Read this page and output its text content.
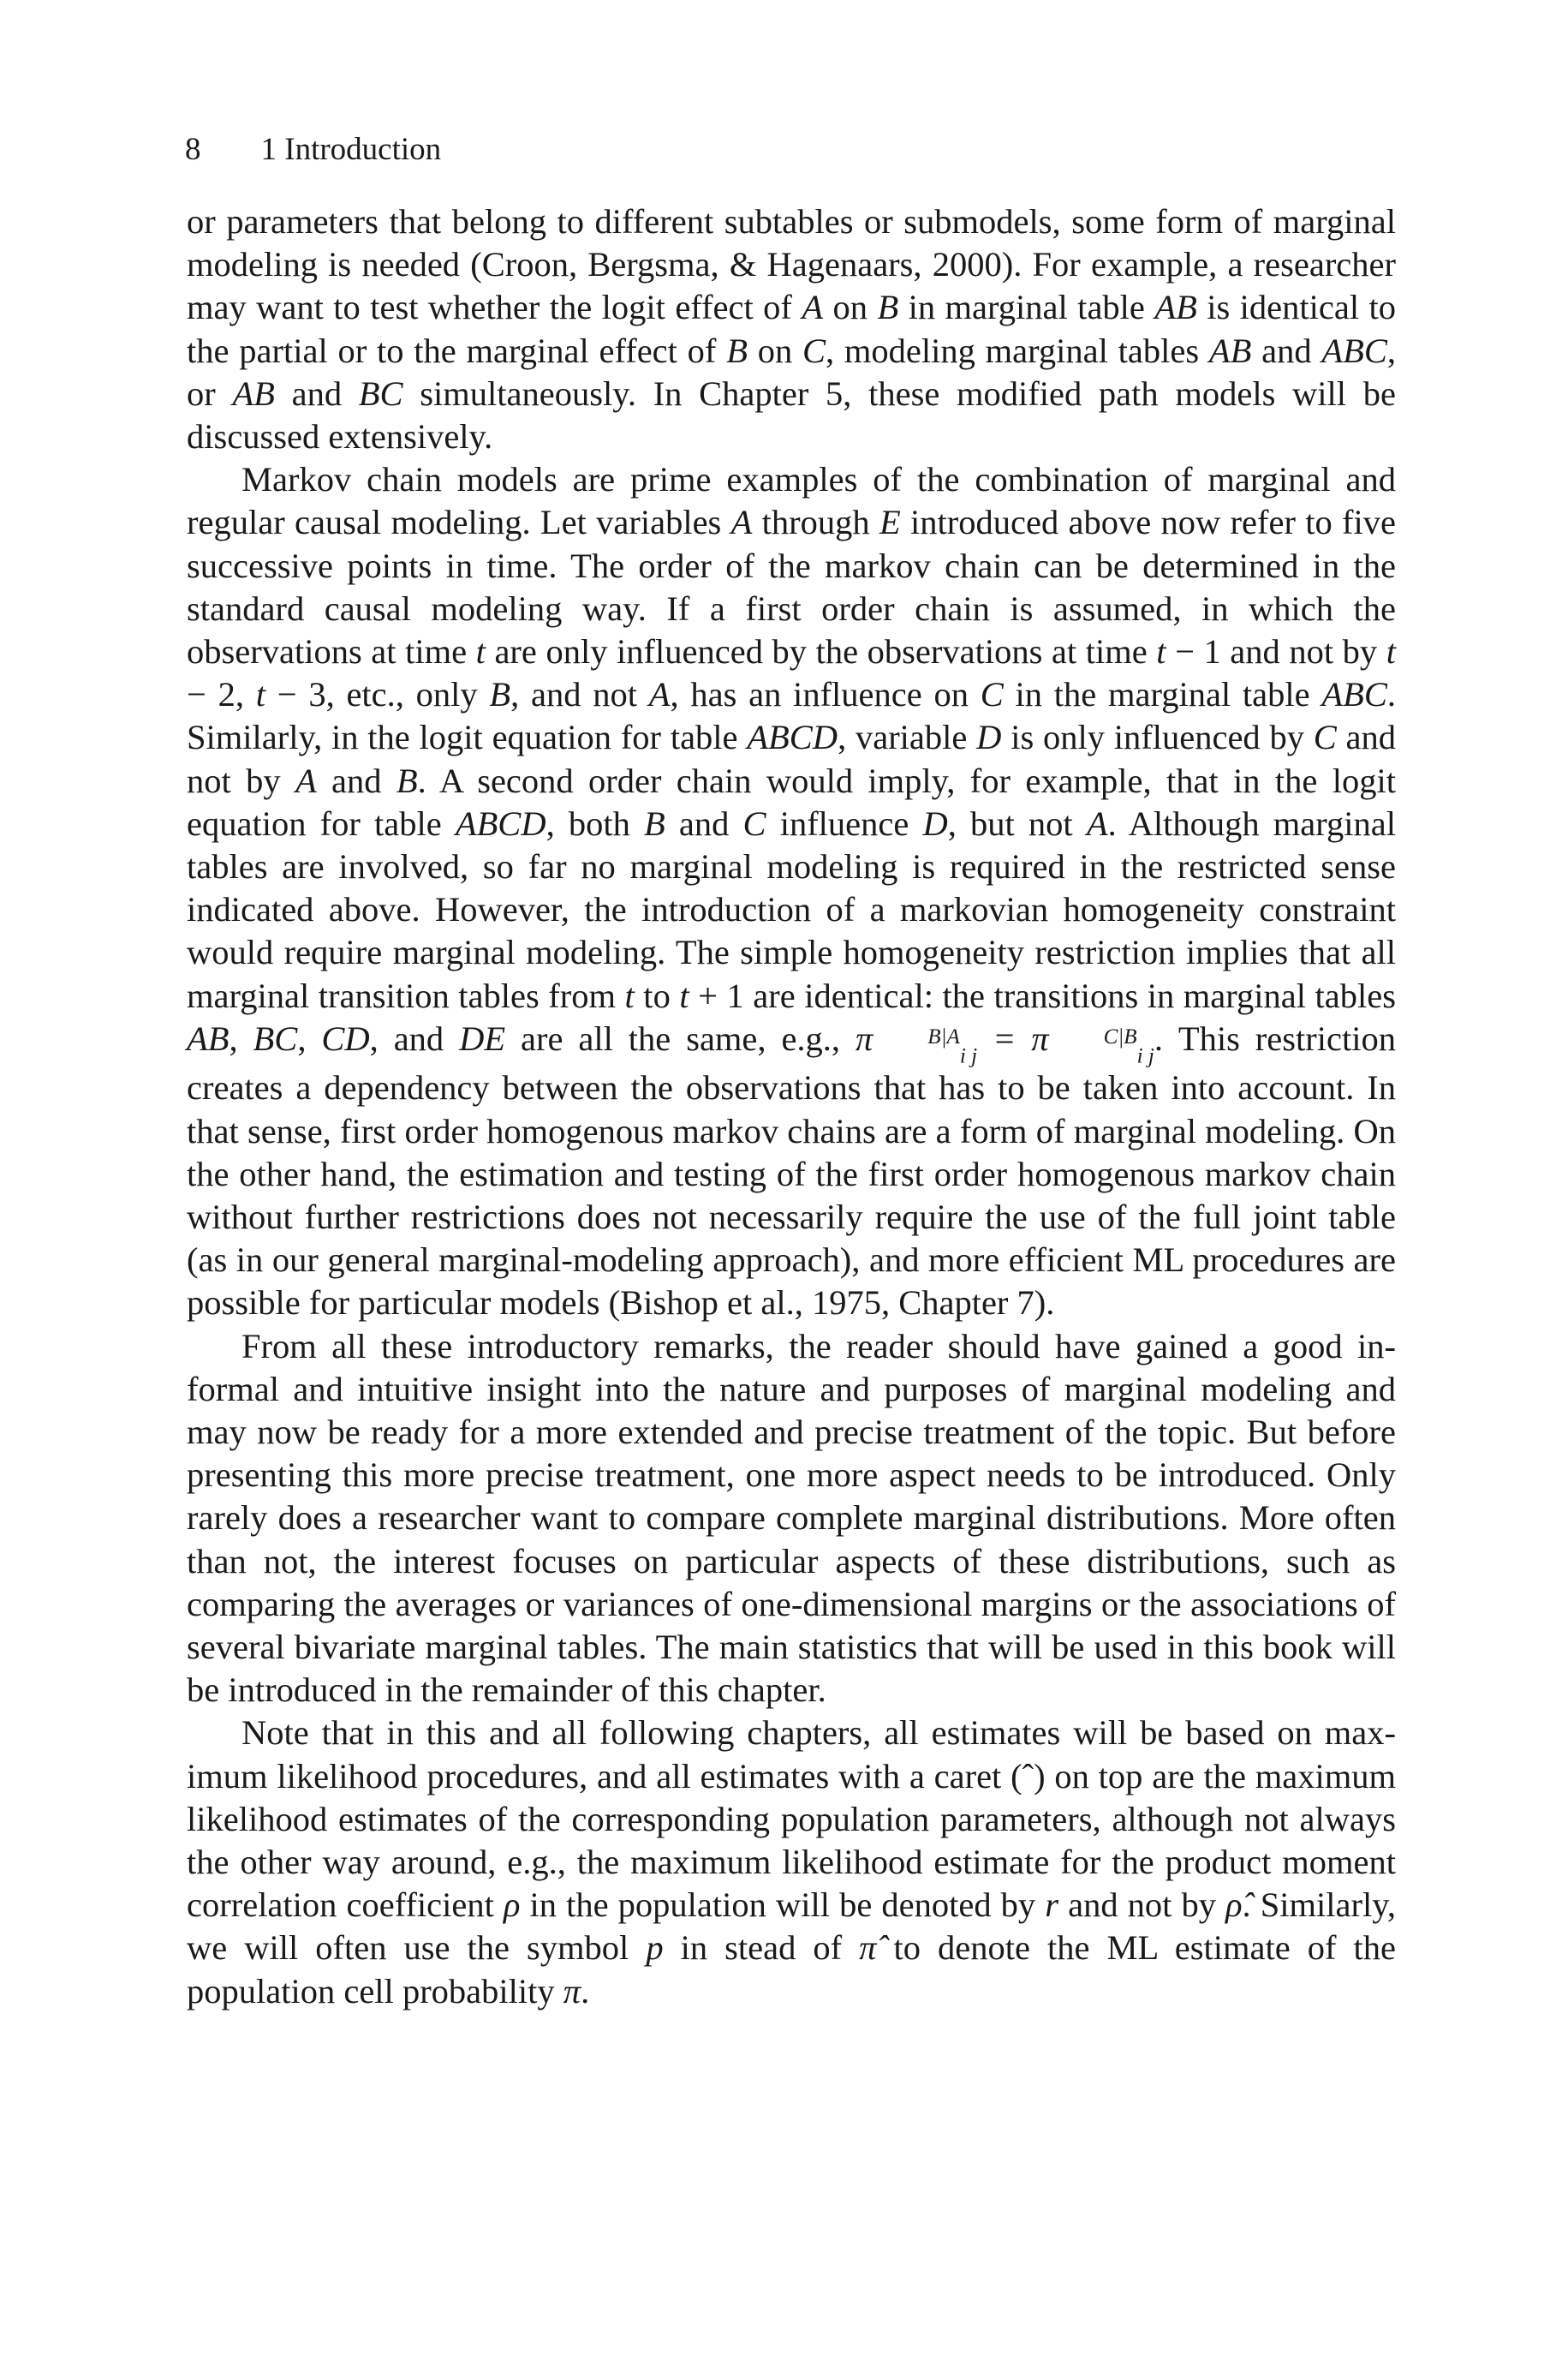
8 1 Introduction

or parameters that belong to different subtables or submodels, some form of marginal modeling is needed (Croon, Bergsma, & Hagenaars, 2000). For example, a researcher may want to test whether the logit effect of A on B in marginal table AB is identical to the partial or to the marginal effect of B on C, modeling marginal tables AB and ABC, or AB and BC simultaneously. In Chapter 5, these modified path models will be discussed extensively.

Markov chain models are prime examples of the combination of marginal and regular causal modeling. Let variables A through E introduced above now refer to five successive points in time. The order of the markov chain can be determined in the standard causal modeling way. If a first order chain is assumed, in which the observations at time t are only influenced by the observations at time t − 1 and not by t − 2, t − 3, etc., only B, and not A, has an influence on C in the marginal table ABC. Similarly, in the logit equation for table ABCD, variable D is only influenced by C and not by A and B. A second order chain would imply, for example, that in the logit equation for table ABCD, both B and C influence D, but not A. Although marginal tables are involved, so far no marginal modeling is required in the restricted sense indicated above. However, the introduction of a markovian homogeneity constraint would require marginal modeling. The simple homogeneity restriction implies that all marginal transition tables from t to t + 1 are identical: the transitions in marginal tables AB, BC, CD, and DE are all the same, e.g., π	$^{B|A}_{i j}$ = π	$^{C|B}_{i j}$. This restriction creates a dependency between the observations that has to be taken into account. In that sense, first order homogenous markov chains are a form of marginal modeling. On the other hand, the estimation and testing of the first order homogenous markov chain without further restrictions does not necessarily require the use of the full joint table (as in our general marginal-modeling approach), and more efficient ML procedures are possible for particular models (Bishop et al., 1975, Chapter 7).

From all these introductory remarks, the reader should have gained a good informal and intuitive insight into the nature and purposes of marginal modeling and may now be ready for a more extended and precise treatment of the topic. But before presenting this more precise treatment, one more aspect needs to be introduced. Only rarely does a researcher want to compare complete marginal distributions. More often than not, the interest focuses on particular aspects of these distributions, such as comparing the averages or variances of one-dimensional margins or the associations of several bivariate marginal tables. The main statistics that will be used in this book will be introduced in the remainder of this chapter.

Note that in this and all following chapters, all estimates will be based on maximum likelihood procedures, and all estimates with a caret (ˆ) on top are the maximum likelihood estimates of the corresponding population parameters, although not always the other way around, e.g., the maximum likelihood estimate for the product moment correlation coefficient ρ in the population will be denoted by r and not by ρ̂. Similarly, we will often use the symbol p in stead of π̂ to denote the ML estimate of the population cell probability π.
